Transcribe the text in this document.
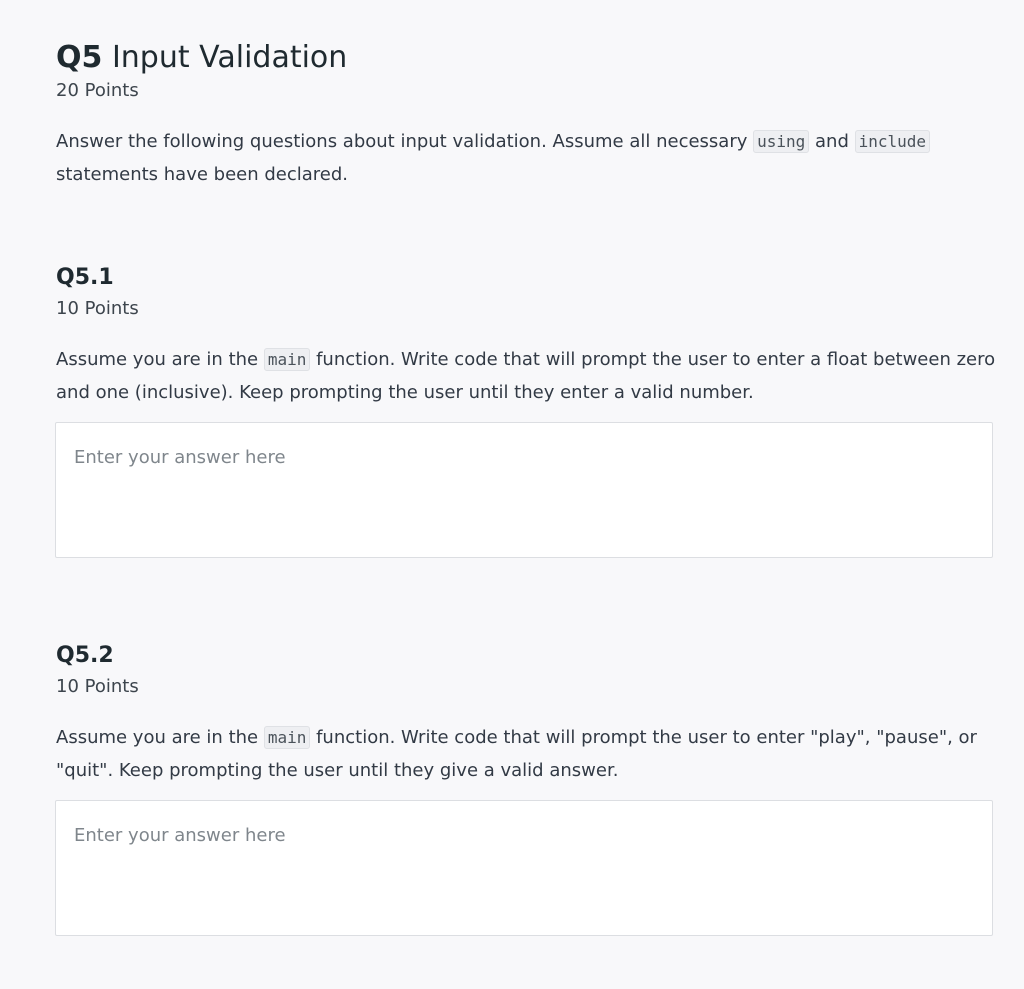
Q5 Input Validation
20 Points

Answer the following questions about input validation. Assume all necessary using and include statements have been declared.

Q5.1
10 Points

Assume you are in the main function. Write code that will prompt the user to enter a float between zero and one (inclusive). Keep prompting the user until they enter a valid number.

Enter your answer here
Q5.2
10 Points

Assume you are in the main function. Write code that will prompt the user to enter "play", "pause", or "quit". Keep prompting the user until they give a valid answer.

Enter your answer here
